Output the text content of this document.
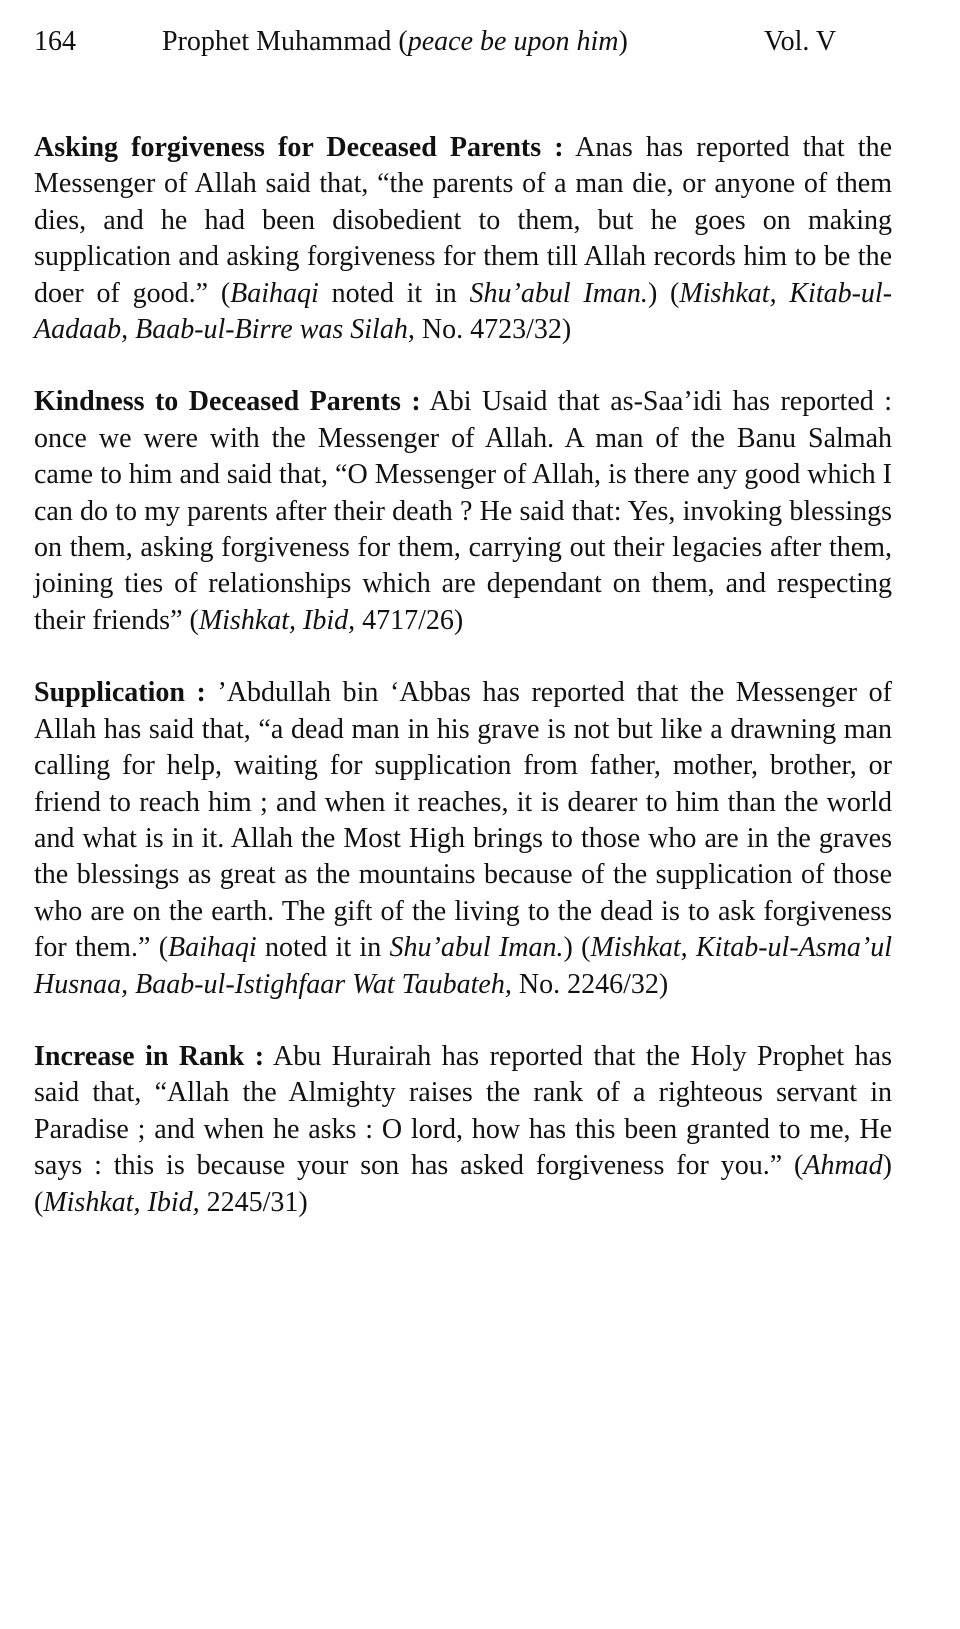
164	Prophet Muhammad (peace be upon him)	Vol. V

Asking forgiveness for Deceased Parents : Anas has reported that the Messenger of Allah said that, “the parents of a man die, or anyone of them dies, and he had been disobedient to them, but he goes on making supplication and asking forgiveness for them till Allah records him to be the doer of good.” (Baihaqi noted it in Shu’abul Iman.) (Mishkat, Kitab-ul-Aadaab, Baab-ul-Birre was Silah, No. 4723/32)

Kindness to Deceased Parents : Abi Usaid that as-Saa’idi has reported : once we were with the Messenger of Allah. A man of the Banu Salmah came to him and said that, “O Messenger of Allah, is there any good which I can do to my parents after their death ? He said that: Yes, invoking blessings on them, asking forgiveness for them, carrying out their legacies after them, joining ties of relationships which are dependant on them, and respecting their friends” (Mishkat, Ibid, 4717/26)

Supplication : ’Abdullah bin ‘Abbas has reported that the Messenger of Allah has said that, “a dead man in his grave is not but like a drawning man calling for help, waiting for supplication from father, mother, brother, or friend to reach him ; and when it reaches, it is dearer to him than the world and what is in it. Allah the Most High brings to those who are in the graves the blessings as great as the mountains because of the supplication of those who are on the earth. The gift of the living to the dead is to ask forgiveness for them.” (Baihaqi noted it in Shu’abul Iman.) (Mishkat, Kitab-ul-Asma’ul Husnaa, Baab-ul-Istighfaar Wat Taubateh, No. 2246/32)

Increase in Rank : Abu Hurairah has reported that the Holy Prophet has said that, “Allah the Almighty raises the rank of a righteous servant in Paradise ; and when he asks : O lord, how has this been granted to me, He says : this is because your son has asked forgiveness for you.” (Ahmad) (Mishkat, Ibid, 2245/31)
